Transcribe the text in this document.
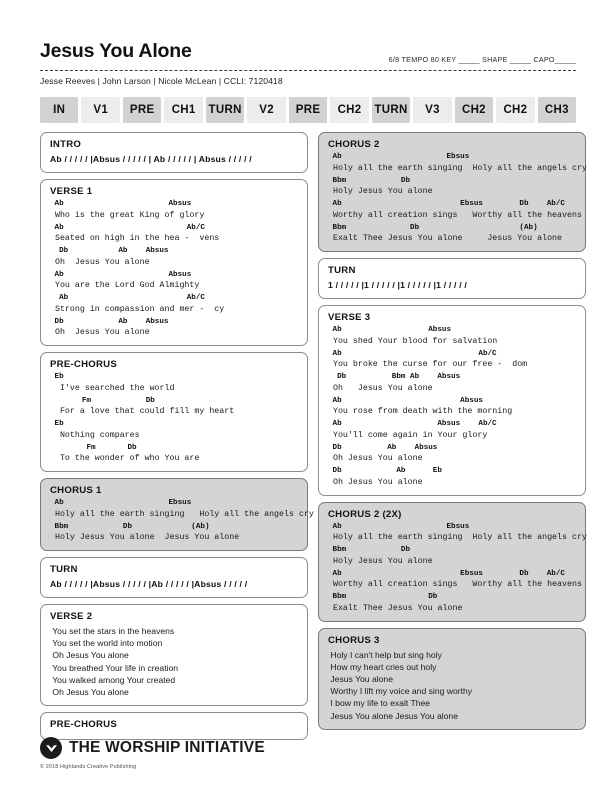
Jesus You Alone	6/8 TEMPO 80 KEY _____ SHAPE _____ CAPO_____
Jesse Reeves | John Larson | Nicole McLean | CCLI: 7120418
IN	V1	PRE	CH1	TURN	V2	PRE	CH2	TURN	V3	CH2	CH2	CH3
INTRO
Ab / / / / / |Absus / / / / / | Ab / / / / / | Absus / / / / /
VERSE 1
Ab                       Absus
Who is the great King of glory
Ab                           Ab/C
Seated on high in the hea -  vens
Db           Ab    Absus
Oh  Jesus You alone
Ab                       Absus
You are the Lord God Almighty
Ab                          Ab/C
Strong in compassion and mer -  cy
Db            Ab    Absus
Oh  Jesus You alone
PRE-CHORUS
Eb
I've searched the world
Fm            Db
For a love that could fill my heart
Eb
Nothing compares
Fm       Db
To the wonder of who You are
CHORUS 1
Ab                       Ebsus
Holy all the earth singing   Holy all the angels cry
Bbm            Db             (Ab)
Holy Jesus You alone  Jesus You alone
TURN
Ab / / / / / |Absus / / / / / |Ab / / / / / |Absus / / / / /
VERSE 2
You set the stars in the heavens
You set the world into motion
Oh Jesus You alone
You breathed Your life in creation
You walked among Your created
Oh Jesus You alone
PRE-CHORUS
CHORUS 2
Ab                       Ebsus
Holy all the earth singing  Holy all the angels cry
Bbm            Db
Holy Jesus You alone
Ab                          Ebsus        Db    Ab/C
Worthy all creation sings   Worthy all the heavens
Bbm              Db                      (Ab)
Exalt Thee Jesus You alone     Jesus You alone
TURN
1 / / / / / |1 / / / / / |1 / / / / / |1 / / / / /
VERSE 3
Ab                   Absus
You shed Your blood for salvation
Ab                              Ab/C
You broke the curse for our free -  dom
Db          Bbm Ab    Absus
Oh   Jesus You alone
Ab                          Absus
You rose from death with the morning
Ab                     Absus    Ab/C
You'll come again in Your glory
Db          Ab    Absus
Oh Jesus You alone
Db            Ab      Eb
Oh Jesus You alone
CHORUS 2 (2X)
Ab                       Ebsus
Holy all the earth singing  Holy all the angels cry
Bbm            Db
Holy Jesus You alone
Ab                          Ebsus        Db    Ab/C
Worthy all creation sings   Worthy all the heavens
Bbm                  Db
Exalt Thee Jesus You alone
CHORUS 3
Holy I can't help but sing holy
How my heart cries out holy
Jesus You alone
Worthy I lift my voice and sing worthy
I bow my life to exalt Thee
Jesus You alone Jesus You alone
THE WORSHIP INITIATIVE
© 2018 Highlands Creative Publishing
